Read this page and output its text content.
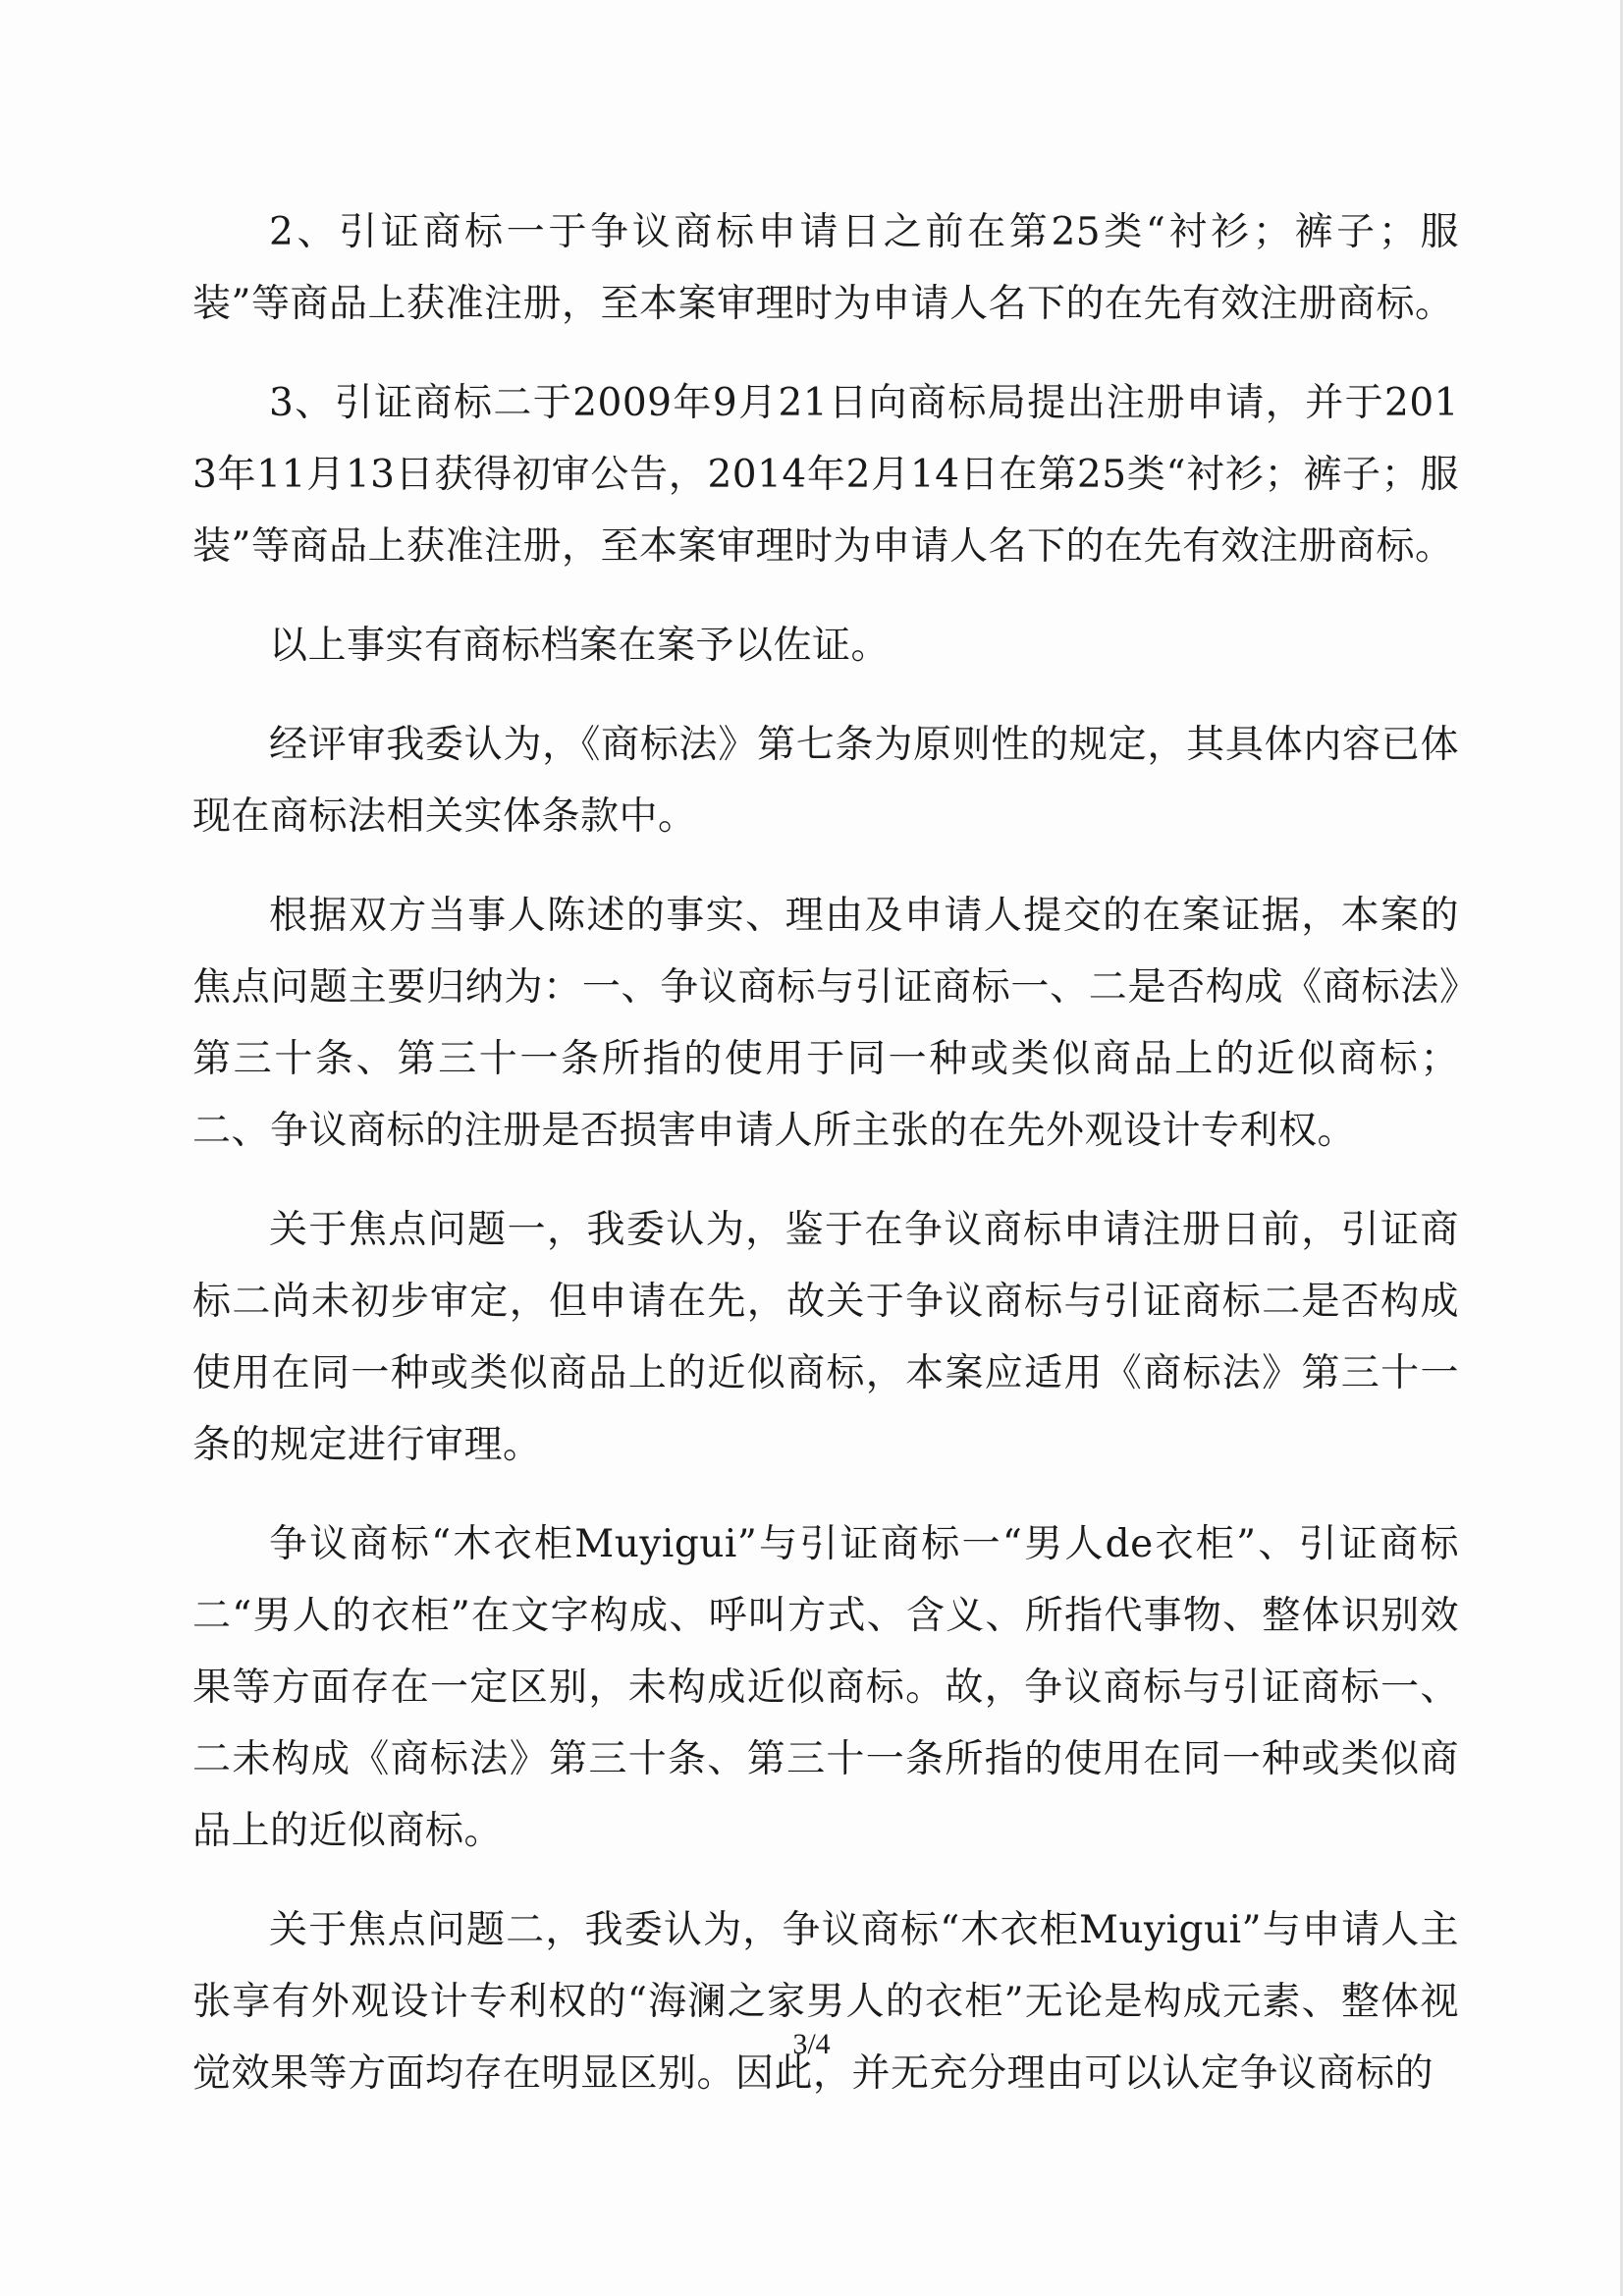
2、引证商标一于争议商标申请日之前在第25类“衬衫；裤子；服装”等商品上获准注册，至本案审理时为申请人名下的在先有效注册商标。

3、引证商标二于2009年9月21日向商标局提出注册申请，并于2013年11月13日获得初审公告，2014年2月14日在第25类“衬衫；裤子；服装”等商品上获准注册，至本案审理时为申请人名下的在先有效注册商标。

以上事实有商标档案在案予以佐证。

经评审我委认为，《商标法》第七条为原则性的规定，其具体内容已体现在商标法相关实体条款中。

根据双方当事人陈述的事实、理由及申请人提交的在案证据，本案的焦点问题主要归纳为：一、争议商标与引证商标一、二是否构成《商标法》第三十条、第三十一条所指的使用于同一种或类似商品上的近似商标；二、争议商标的注册是否损害申请人所主张的在先外观设计专利权。

关于焦点问题一，我委认为，鉴于在争议商标申请注册日前，引证商标二尚未初步审定，但申请在先，故关于争议商标与引证商标二是否构成使用在同一种或类似商品上的近似商标，本案应适用《商标法》第三十一条的规定进行审理。

争议商标“木衣柜Muyigui”与引证商标一“男人de衣柜”、引证商标二“男人的衣柜”在文字构成、呼叫方式、含义、所指代事物、整体识别效果等方面存在一定区别，未构成近似商标。故，争议商标与引证商标一、二未构成《商标法》第三十条、第三十一条所指的使用在同一种或类似商品上的近似商标。

关于焦点问题二，我委认为，争议商标“木衣柜Muyigui”与申请人主张享有外观设计专利权的“海澜之家男人的衣柜”无论是构成元素、整体视觉效果等方面均存在明显区别。因此，并无充分理由可以认定争议商标的

3/4
